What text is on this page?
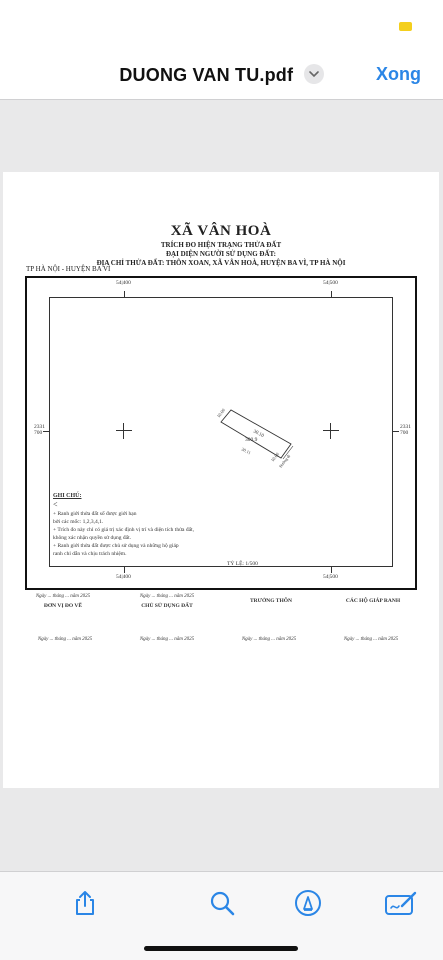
DUONG VAN TU.pdf	Xong
XÃ VÂN HOÀ
TRÍCH ĐO HIỆN TRẠNG THỬA ĐẤT
ĐẠI DIỆN NGƯỜI SỬ DỤNG ĐẤT:
ĐỊA CHỈ THỬA ĐẤT: THÔN XOAN, XÃ VÂN HOÀ, HUYỆN BA VÌ, TP HÀ NỘI
TP HÀ NỘI - HUYỆN BA VÌ
54|400	54|500
54|400	54|500
2331
700
2331
700
30.10
10.00
300.9
30.11
10.00
Đường đi
GHI CHÚ:
<
+ Ranh giới thửa đất số được giới hạn
bởi các mốc: 1,2,3,4,1.
+ Trích đo này chỉ có giá trị xác định vị trí và diện tích thửa đất,
không xác nhận quyền sử dụng đất.
+ Ranh giới thửa đất được chủ sử dụng và những hộ giáp
ranh chỉ dẫn và chịu trách nhiệm.
TỶ LỆ: 1/500
Ngày ... tháng ... năm 2025
ĐƠN VỊ ĐO VẼ
Ngày ... tháng ... năm 2025
CHỦ SỬ DỤNG ĐẤT
TRƯỞNG THÔN	CÁC HỘ GIÁP RANH
Ngày ... tháng ... năm 2025	Ngày ... tháng ... năm 2025	Ngày ... tháng ... năm 2025	Ngày ... tháng ... năm 2025
